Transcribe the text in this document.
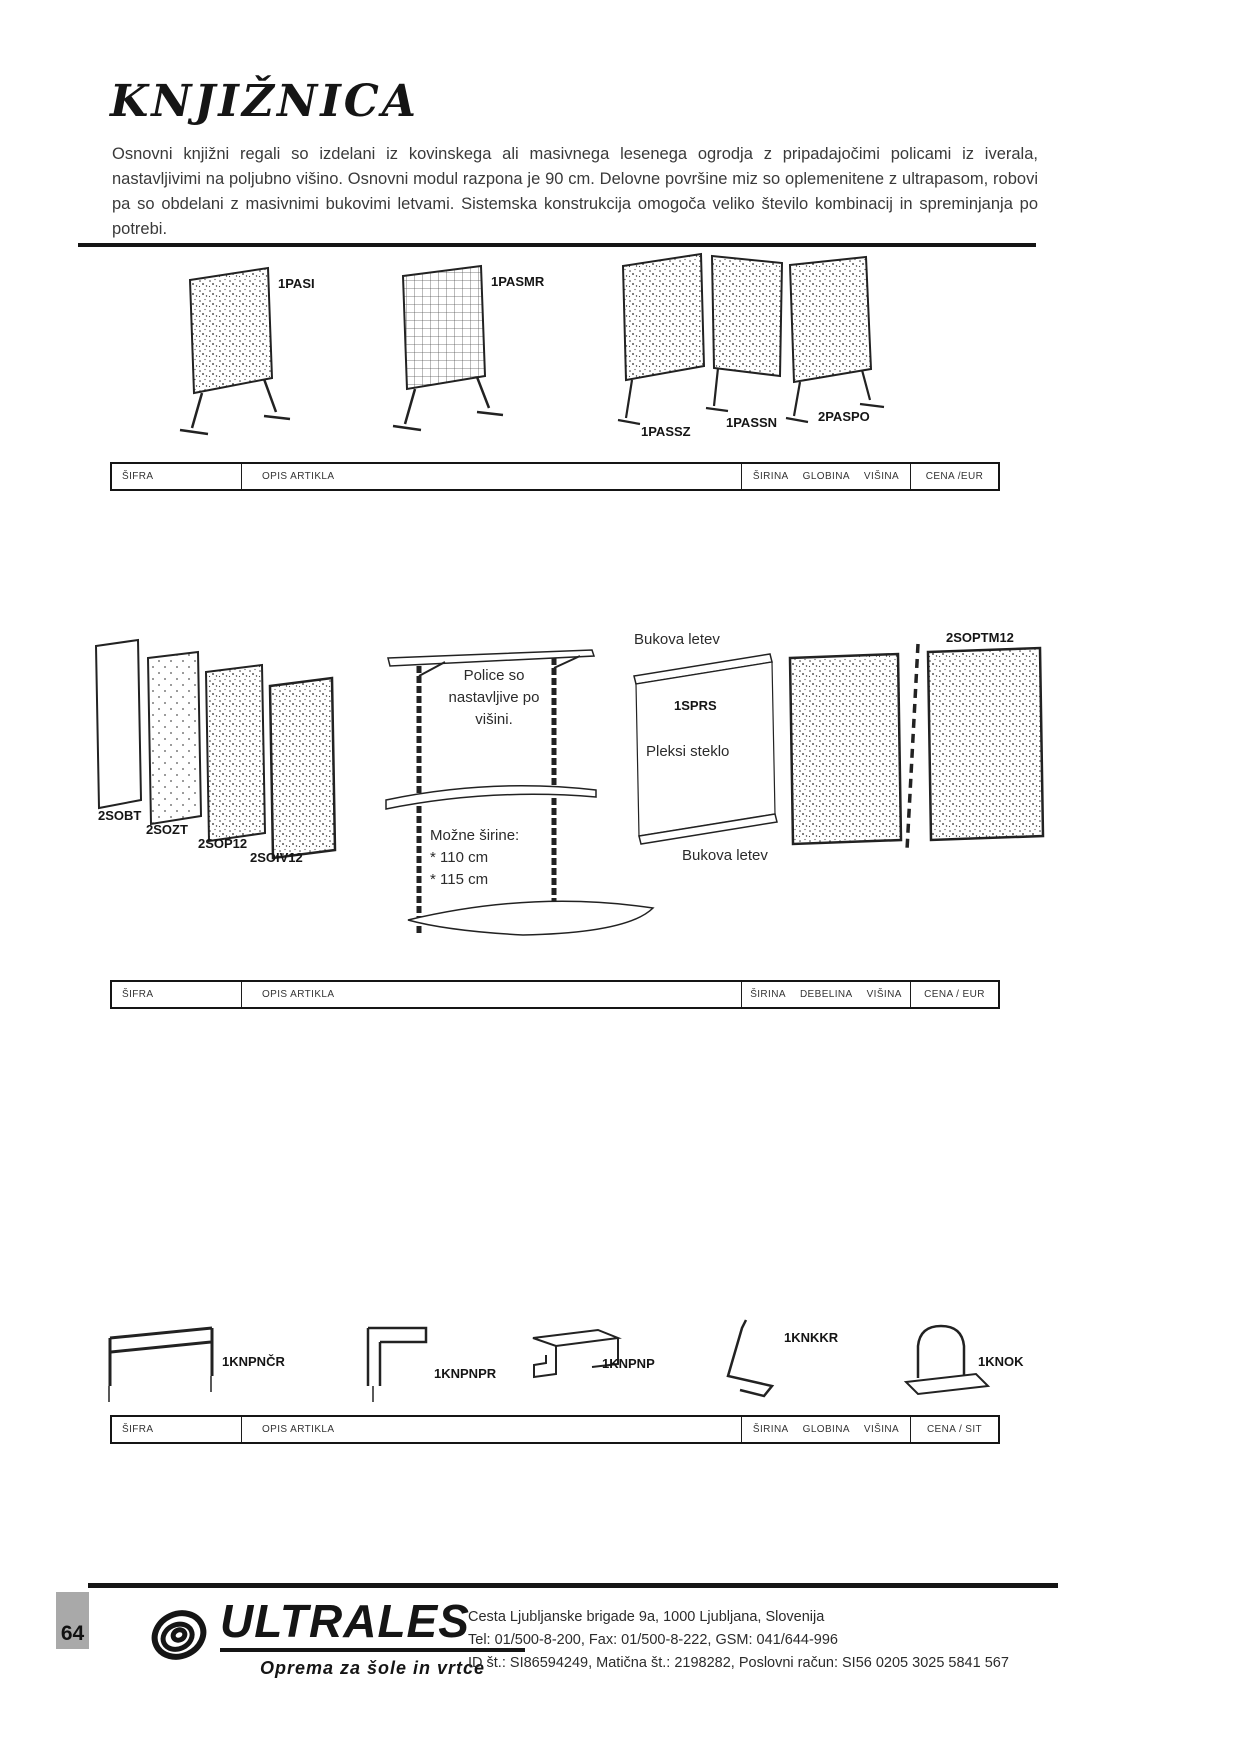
KNJIŽNICA
Osnovni knjižni regali so izdelani iz kovinskega ali masivnega lesenega ogrodja z pripadajočimi policami iz iverala, nastavljivimi na poljubno višino. Osnovni modul razpona je 90 cm. Delovne površine miz so oplemenitene z ultrapasom, robovi pa so obdelani z masivnimi bukovimi letvami. Sistemska konstrukcija omogoča veliko število kombinacij in spreminjanja po potrebi.
1PASI	1PASMR
1PASSZ
1PASSN	2PASPO
ŠIFRA	OPIS ARTIKLA	ŠIRINA GLOBINA VIŠINA	CENA /EUR
2SOBT
2SOZT
2SOP12
2SOIV12
Police so
nastavljive po
višini.
Možne širine:
* 110 cm
* 115 cm
Bukova letev
1SPRS
Pleksi steklo
Bukova letev
2SOPTM12
ŠIFRA	OPIS ARTIKLA	ŠIRINA DEBELINA VIŠINA	CENA / EUR
1KNPNČR
1KNPNPR
1KNPNP
1KNKKR
1KNOK
ŠIFRA	OPIS ARTIKLA	ŠIRINA GLOBINA VIŠINA	CENA / SIT
64	ULTRALES
Oprema za šole in vrtce
Cesta Ljubljanske brigade 9a, 1000 Ljubljana, Slovenija
Tel: 01/500-8-200, Fax: 01/500-8-222, GSM: 041/644-996
ID št.: SI86594249, Matična št.: 2198282, Poslovni račun: SI56 0205 3025 5841 567
